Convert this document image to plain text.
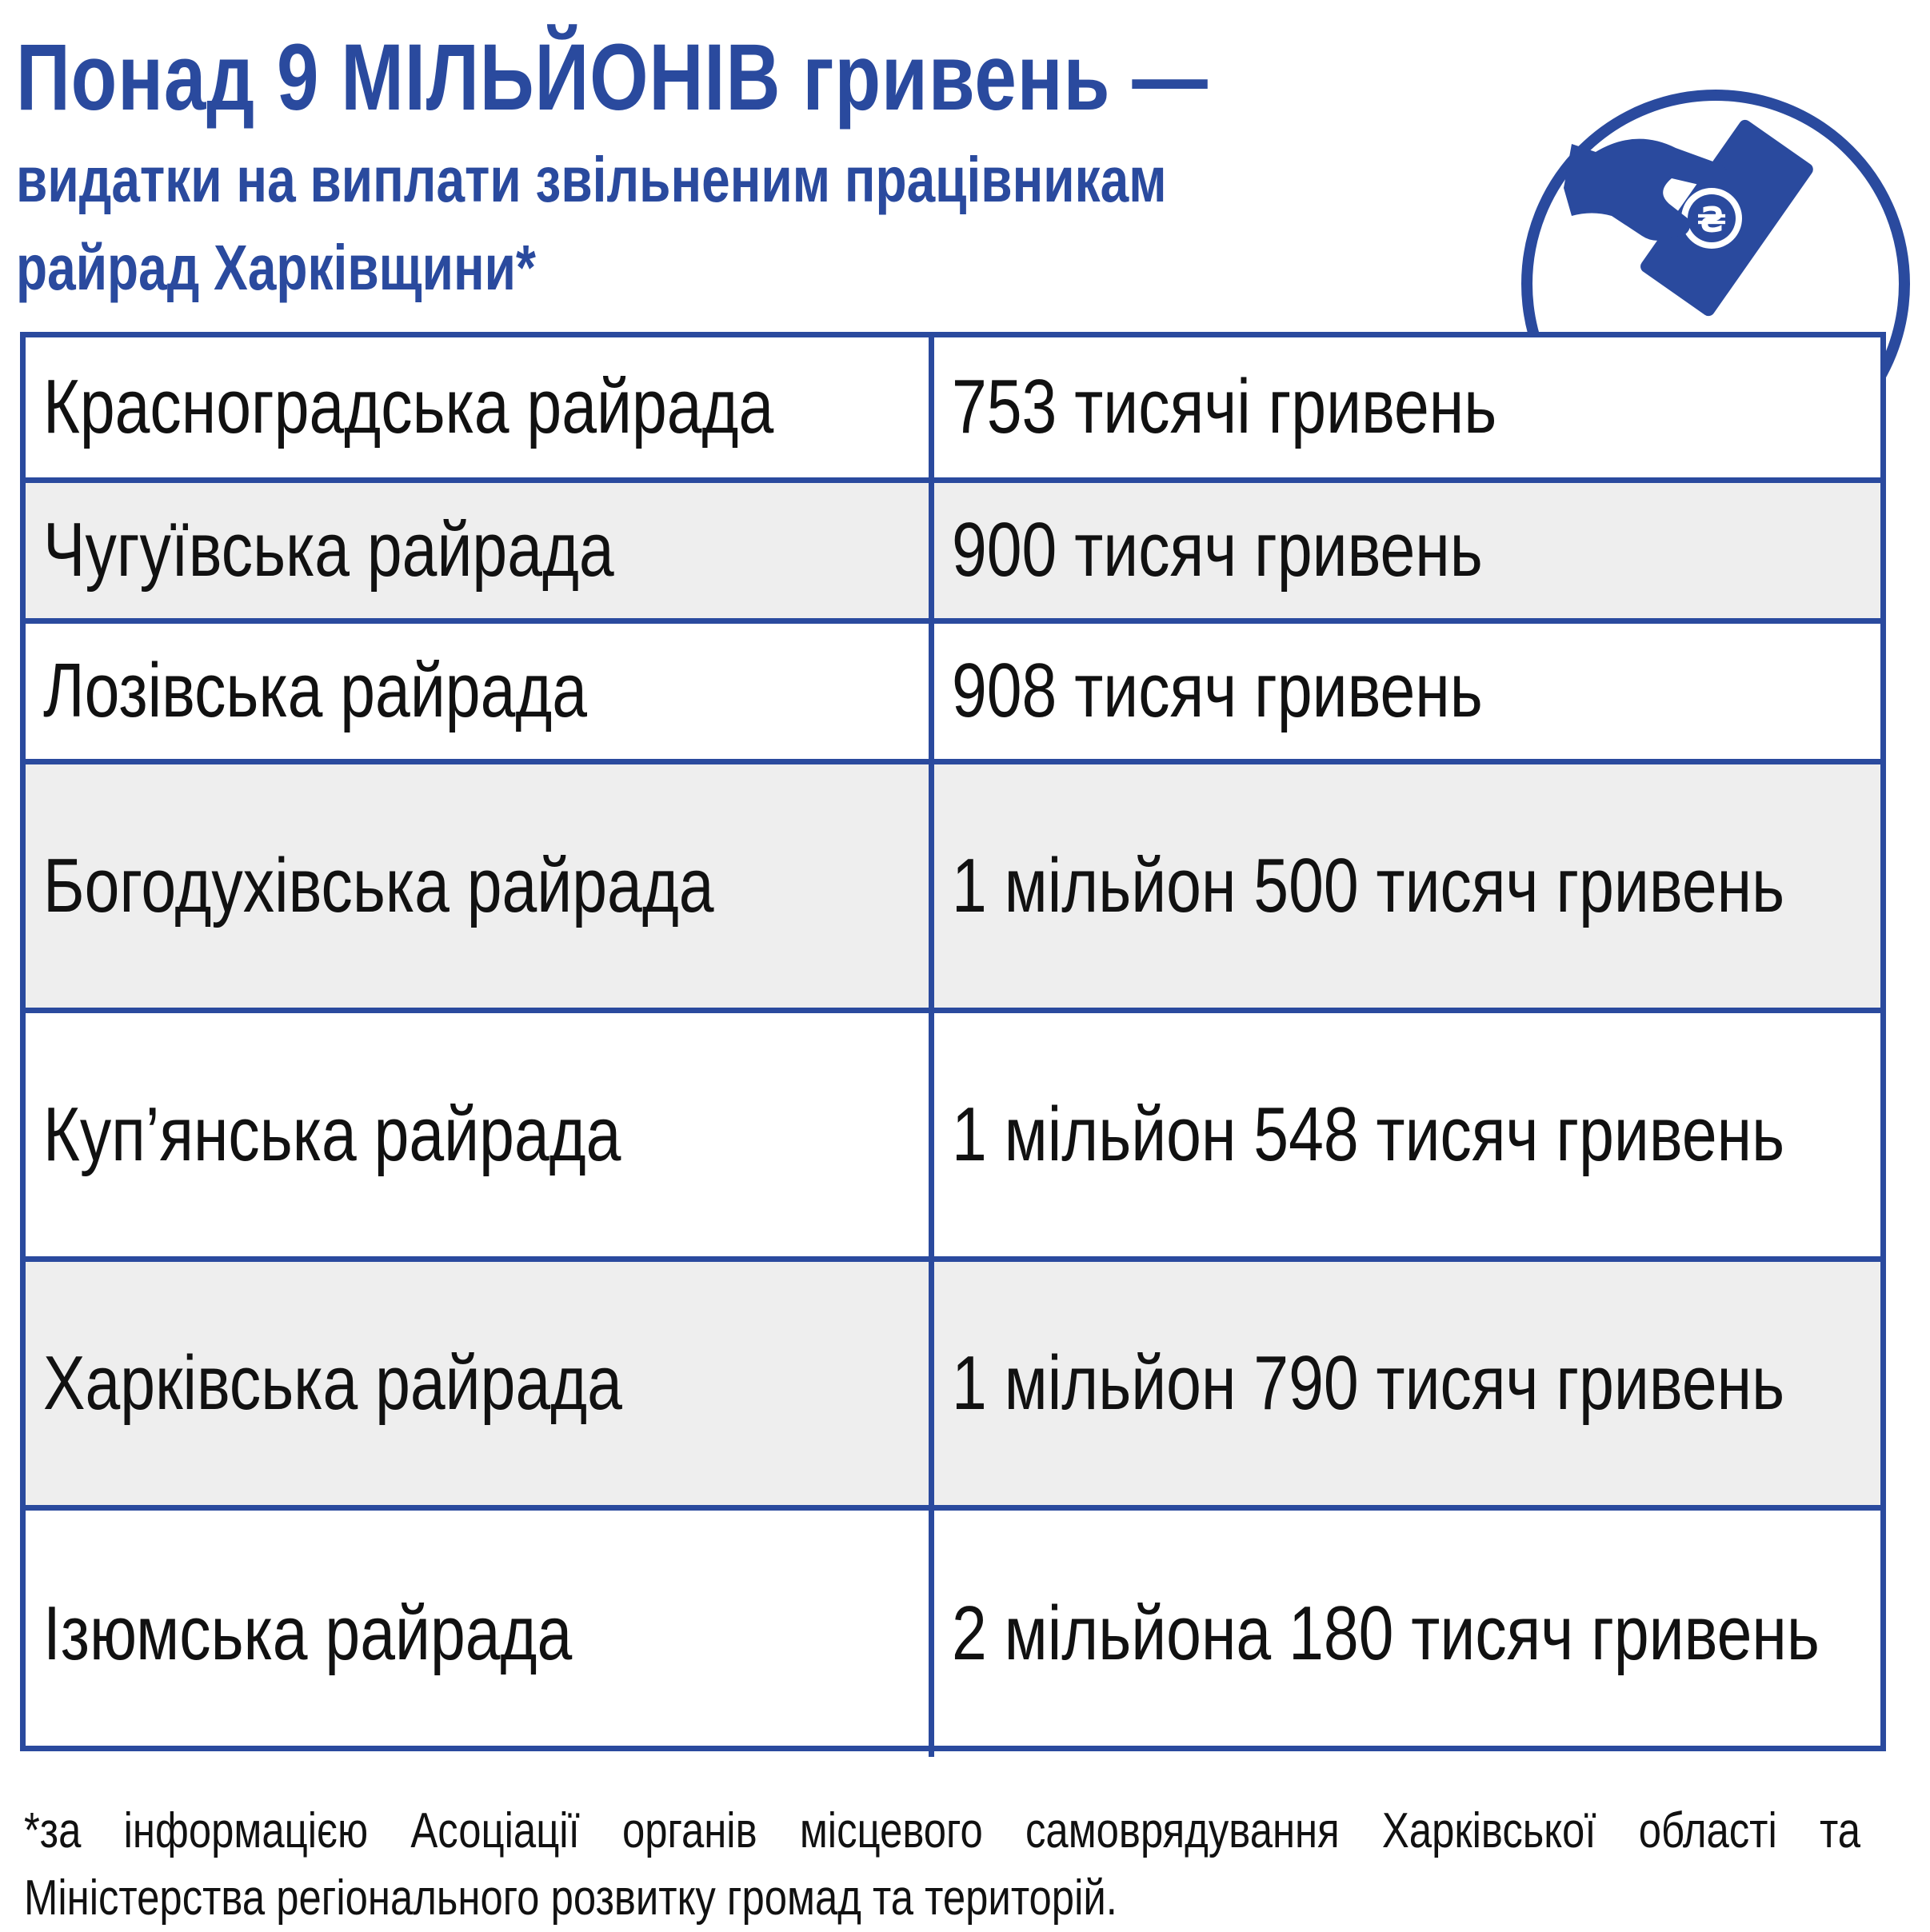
Понад 9 МІЛЬЙОНІВ гривень —
видатки на виплати звільненим працівникам
райрад Харківщини*
₴
Красноградська райрада	753 тисячі гривень

Чугуївська райрада	900 тисяч гривень

Лозівська райрада	908 тисяч гривень

Богодухівська райрада	1 мільйон 500 тисяч гривень

Куп’янська райрада	1 мільйон 548 тисяч гривень

Харківська райрада	1 мільйон 790 тисяч гривень

Ізюмська райрада	2 мільйона 180 тисяч гривень

*за інформацією Асоціації органів місцевого самоврядування Харківської області та Міністерства регіонального розвитку громад та територій.
